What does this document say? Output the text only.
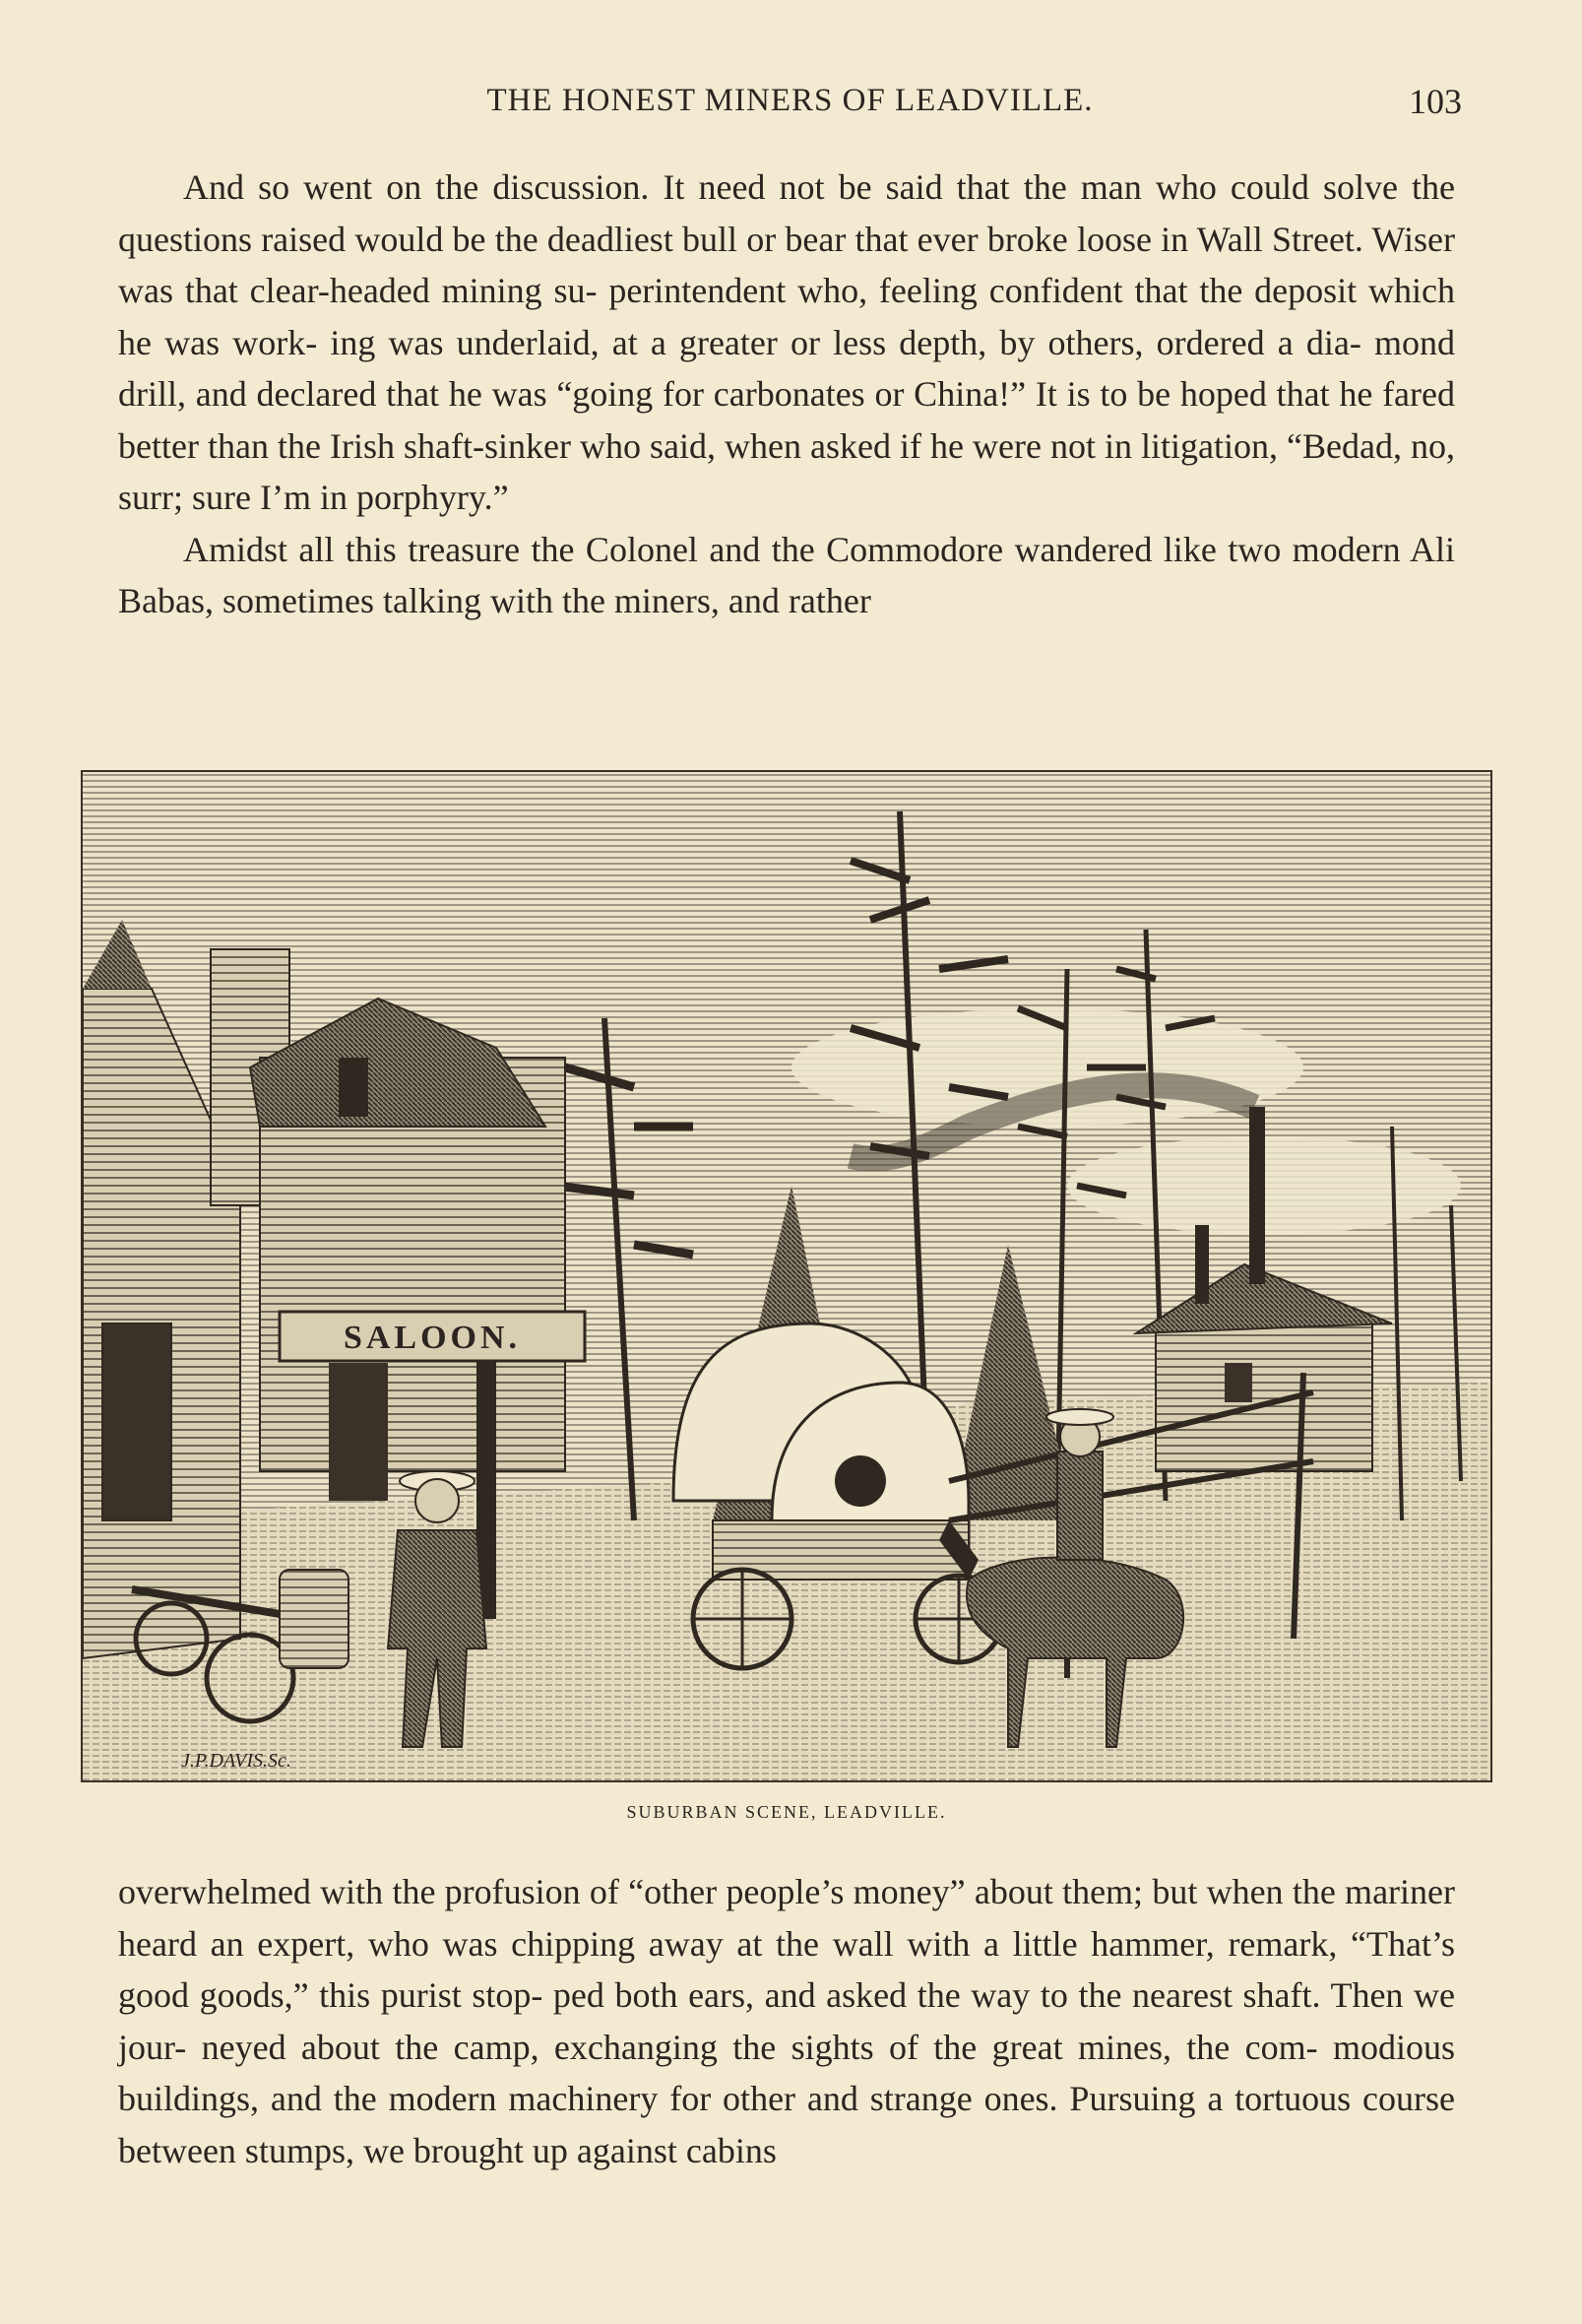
THE HONEST MINERS OF LEADVILLE.	103

And so went on the discussion. It need not be said that the man who could solve the questions raised would be the deadliest bull or bear that ever broke loose in Wall Street. Wiser was that clear-headed mining su- perintendent who, feeling confident that the deposit which he was work- ing was underlaid, at a greater or less depth, by others, ordered a dia- mond drill, and declared that he was “going for carbonates or China!” It is to be hoped that he fared better than the Irish shaft-sinker who said, when asked if he were not in litigation, “Bedad, no, surr; sure I’m in porphyry.”

Amidst all this treasure the Colonel and the Commodore wandered like two modern Ali Babas, sometimes talking with the miners, and rather

SALOON.
J.P.DAVIS.Sc.
SUBURBAN SCENE, LEADVILLE.

overwhelmed with the profusion of “other people’s money” about them; but when the mariner heard an expert, who was chipping away at the wall with a little hammer, remark, “That’s good goods,” this purist stop- ped both ears, and asked the way to the nearest shaft. Then we jour- neyed about the camp, exchanging the sights of the great mines, the com- modious buildings, and the modern machinery for other and strange ones. Pursuing a tortuous course between stumps, we brought up against cabins
